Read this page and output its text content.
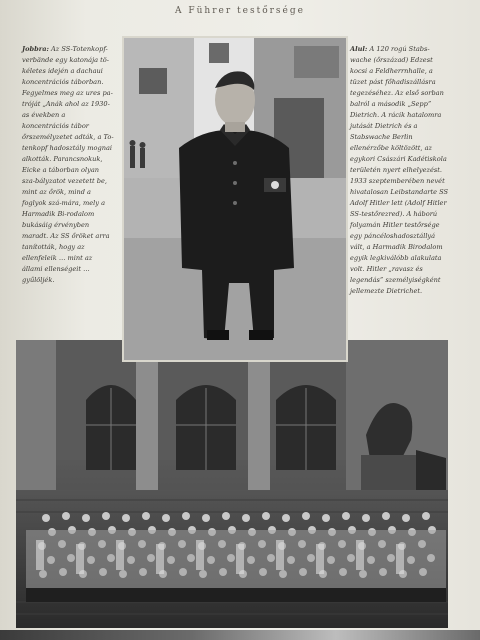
A Führer testőrsége
Jobbra: Az SS-Totenkopf-verbände egy katonája tö-kéletes idején a dachaui koncentrációs táborban. Fegyelmes meg az ures pa-tróját „Anák ahol az 1930-as években a koncentrációs tábor őrszemélyzetet adták, a To-tenkopf hadosztály mognai alkották. Parancsnokuk, Eicke a táborban olyan sza-bályzatot vezetett be, mint az őrök, mind a foglyok szá-mára, mely a Harmadik Bi-rodalom bukásáig érvényben maradt. Az SS őröket arra tanították, hogy az ellenfeleik … mint az állami ellenségeit … gyűlöljék.
Alul: A 120 rogú Stabs-wache (őrszázad) Edzest kocsi a Feldherrnhalle, a tüzet pást főhadiszállásra tegezéséhez. Az első sorban balról a második „Sepp” Dietrich. A rácik hatalomra jutását Dietrich és a Stabswache Berlin ellenérzőbe költözött, az egykori Császári Kadétiskola területén nyert elhelyezést. 1933 szeptemberében nevét hivatalosan Leibstandarte SS Adolf Hitler lett (Adolf Hitler SS-testőrezred). A háború folyamán Hitler testőrsége egy páncéloshadosztállyá vált, a Harmadik Birodalom egyik legkiválóbb alakulata volt. Hitler „ravasz és legendás” személyiségként jellemezte Dietrichet.
